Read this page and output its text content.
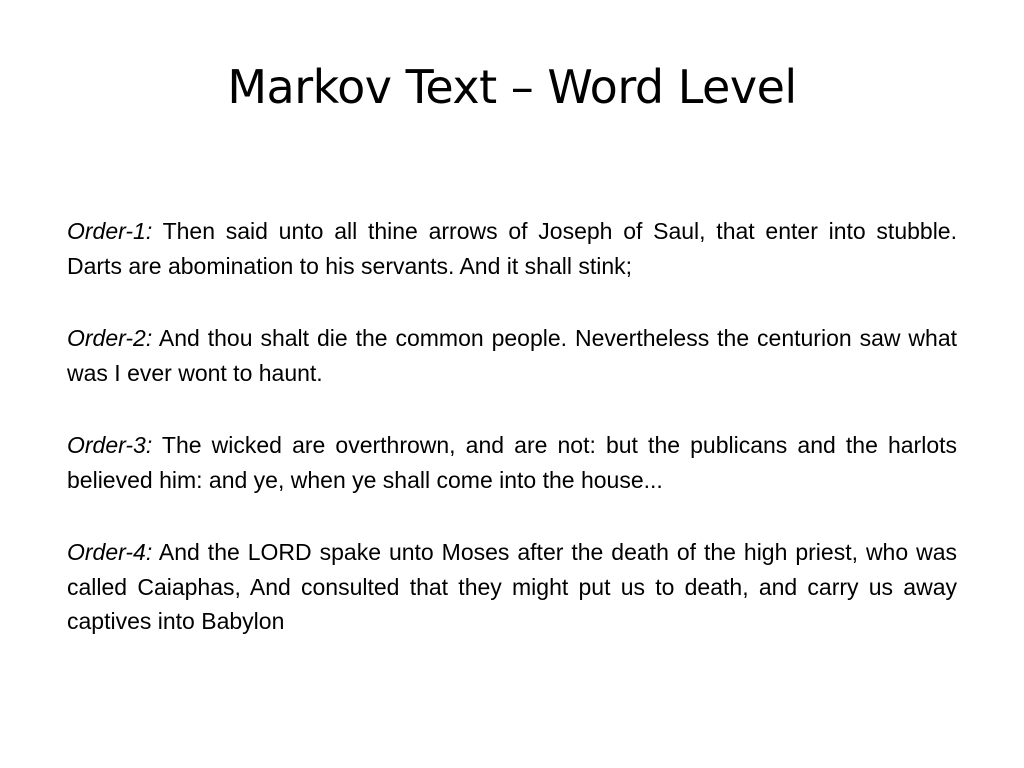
Markov Text – Word Level

Order-1: Then said unto all thine arrows of Joseph of Saul, that enter into stubble. Darts are abomination to his servants. And it shall stink;

Order-2: And thou shalt die the common people. Nevertheless the centurion saw what was I ever wont to haunt.

Order-3: The wicked are overthrown, and are not: but the publicans and the harlots believed him: and ye, when ye shall come into the house...

Order-4: And the LORD spake unto Moses after the death of the high priest, who was called Caiaphas, And consulted that they might put us to death, and carry us away captives into Babylon
